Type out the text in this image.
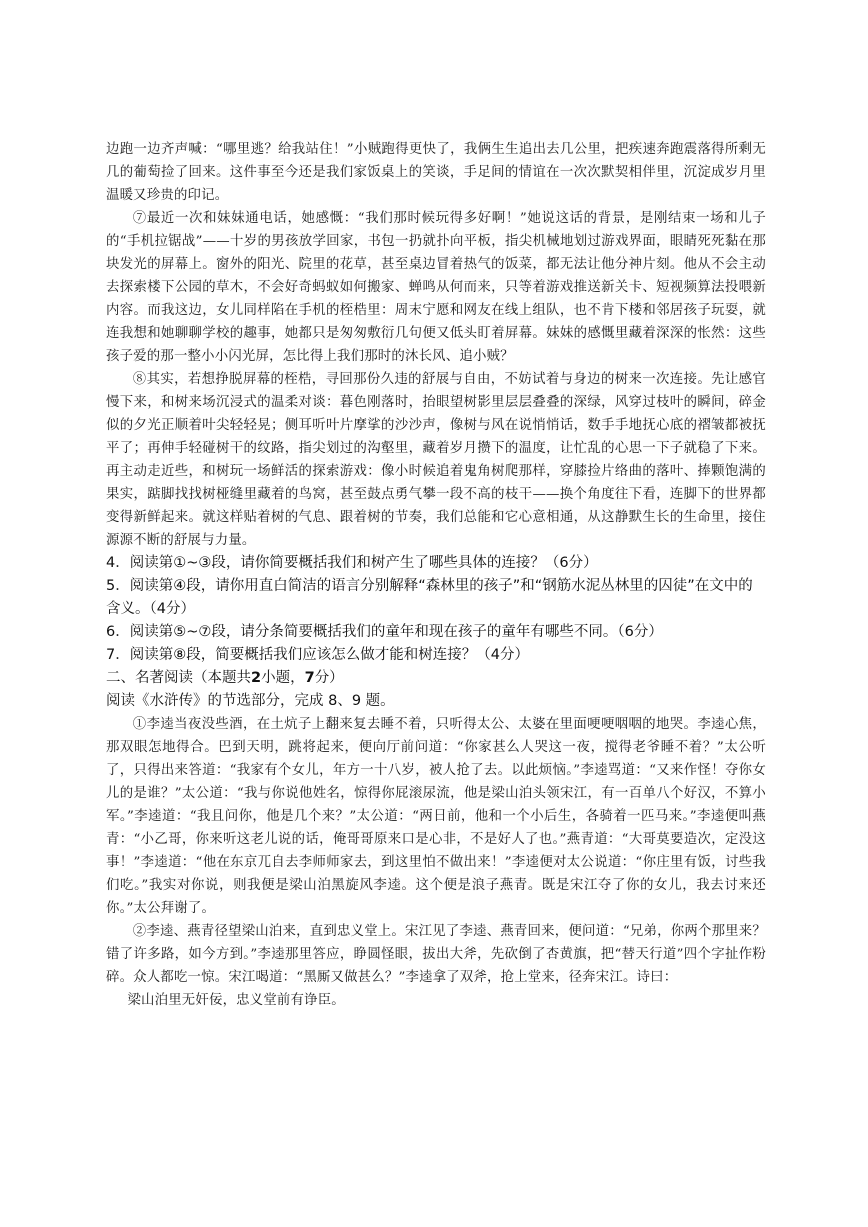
边跑一边齐声喊：“哪里逃？给我站住！”小贼跑得更快了，我俩生生追出去几公里，把疾速奔跑震落得所剩无几的葡萄捡了回来。这件事至今还是我们家饭桌上的笑谈，手足间的情谊在一次次默契相伴里，沉淀成岁月里温暖又珍贵的印记。

⑦最近一次和妹妹通电话，她感慨：“我们那时候玩得多好啊！”她说这话的背景，是刚结束一场和儿子的“手机拉锯战”——十岁的男孩放学回家，书包一扔就扑向平板，指尖机械地划过游戏界面，眼睛死死黏在那块发光的屏幕上。窗外的阳光、院里的花草，甚至桌边冒着热气的饭菜，都无法让他分神片刻。他从不会主动去探索楼下公园的草木，不会好奇蚂蚁如何搬家、蝉鸣从何而来，只等着游戏推送新关卡、短视频算法投喂新内容。而我这边，女儿同样陷在手机的桎梏里：周末宁愿和网友在线上组队，也不肯下楼和邻居孩子玩耍，就连我想和她聊聊学校的趣事，她都只是匆匆敷衍几句便又低头盯着屏幕。妹妹的感慨里藏着深深的怅然：这些孩子爱的那一整小小闪光屏，怎比得上我们那时的沐长风、追小贼？

⑧其实，若想挣脱屏幕的桎梏，寻回那份久违的舒展与自由，不妨试着与身边的树来一次连接。先让感官慢下来，和树来场沉浸式的温柔对谈：暮色刚落时，抬眼望树影里层层叠叠的深绿，风穿过枝叶的瞬间，碎金似的夕光正顺着叶尖轻轻晃；侧耳听叶片摩挲的沙沙声，像树与风在说悄悄话，数手手地抚心底的褶皱都被抚平了；再伸手轻碰树干的纹路，指尖划过的沟壑里，藏着岁月攒下的温度，让忙乱的心思一下子就稳了下来。再主动走近些，和树玩一场鲜活的探索游戏：像小时候追着鬼角树爬那样，穿膝捡片络曲的落叶、捧颗饱满的果实，踮脚找找树桠缝里藏着的鸟窝，甚至鼓点勇气攀一段不高的枝干——换个角度往下看，连脚下的世界都变得新鲜起来。就这样贴着树的气息、跟着树的节奏，我们总能和它心意相通，从这静默生长的生命里，接住源源不断的舒展与力量。

4．阅读第①~③段，请你简要概括我们和树产生了哪些具体的连接？（6分）

5．阅读第④段，请你用直白简洁的语言分别解释“森林里的孩子”和“钢筋水泥丛林里的囚徒”在文中的含义。（4分）

6．阅读第⑤~⑦段，请分条简要概括我们的童年和现在孩子的童年有哪些不同。（6分）

7．阅读第⑧段，简要概括我们应该怎么做才能和树连接？（4分）

二、名著阅读（本题共2小题，7分）

阅读《水浒传》的节选部分，完成 8、9 题。

①李逵当夜没些酒，在土炕子上翻来复去睡不着，只听得太公、太婆在里面哽哽咽咽的地哭。李逵心焦，那双眼怎地得合。巴到天明，跳将起来，便向厅前问道：“你家甚么人哭这一夜，搅得老爷睡不着？”太公听了，只得出来答道：“我家有个女儿，年方一十八岁，被人抢了去。以此烦恼。”李逵骂道：“又来作怪！夺你女儿的是谁？”太公道：“我与你说他姓名，惊得你屁滚尿流，他是梁山泊头领宋江，有一百单八个好汉，不算小军。”李逵道：“我且问你，他是几个来？”太公道：“两日前，他和一个小后生，各骑着一匹马来。”李逵便叫燕青：“小乙哥，你来听这老儿说的话，俺哥哥原来口是心非，不是好人了也。”燕青道：“大哥莫要造次，定没这事！”李逵道：“他在东京兀自去李师师家去，到这里怕不做出来！”李逵便对太公说道：“你庄里有饭，讨些我们吃。”我实对你说，则我便是梁山泊黑旋风李逵。这个便是浪子燕青。既是宋江夺了你的女儿，我去讨来还你。”太公拜谢了。

②李逵、燕青径望梁山泊来，直到忠义堂上。宋江见了李逵、燕青回来，便问道：“兄弟，你两个那里来？错了许多路，如今方到。”李逵那里答应，睁圆怪眼，拔出大斧，先砍倒了杏黄旗，把“替天行道”四个字扯作粉碎。众人都吃一惊。宋江喝道：“黑厮又做甚么？”李逵拿了双斧，抢上堂来，径奔宋江。诗曰：

梁山泊里无奸佞，忠义堂前有诤臣。
